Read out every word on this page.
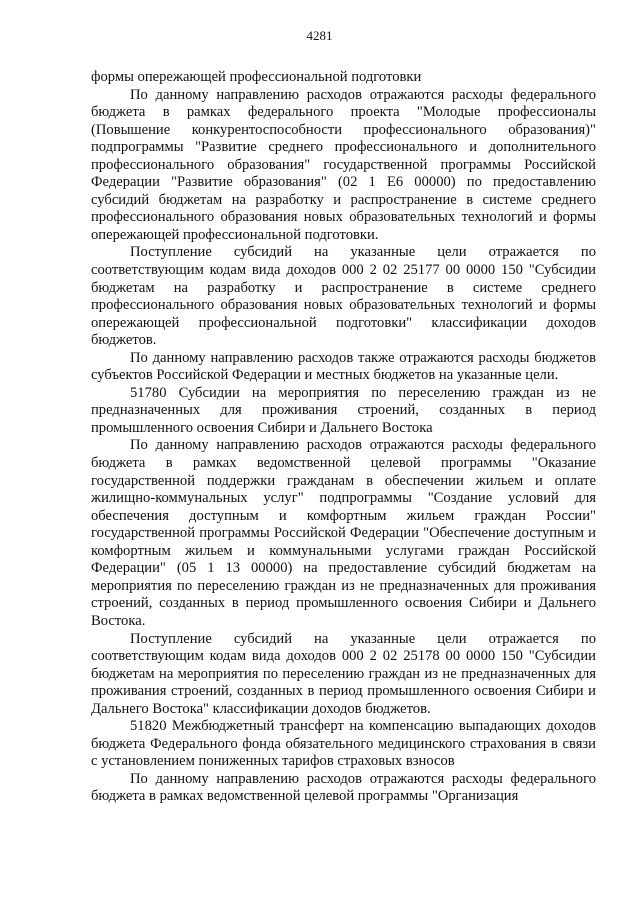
4281

формы опережающей профессиональной подготовки

По данному направлению расходов отражаются расходы федерального бюджета в рамках федерального проекта "Молодые профессионалы (Повышение конкурентоспособности профессионального образования)" подпрограммы "Развитие среднего профессионального и дополнительного профессионального образования" государственной программы Российской Федерации "Развитие образования" (02 1 Е6 00000) по предоставлению субсидий бюджетам на разработку и распространение в системе среднего профессионального образования новых образовательных технологий и формы опережающей профессиональной подготовки.

Поступление субсидий на указанные цели отражается по соответствующим кодам вида доходов 000 2 02 25177 00 0000 150 "Субсидии бюджетам на разработку и распространение в системе среднего профессионального образования новых образовательных технологий и формы опережающей профессиональной подготовки" классификации доходов бюджетов.

По данному направлению расходов также отражаются расходы бюджетов субъектов Российской Федерации и местных бюджетов на указанные цели.

51780 Субсидии на мероприятия по переселению граждан из не предназначенных для проживания строений, созданных в период промышленного освоения Сибири и Дальнего Востока

По данному направлению расходов отражаются расходы федерального бюджета в рамках ведомственной целевой программы "Оказание государственной поддержки гражданам в обеспечении жильем и оплате жилищно-коммунальных услуг" подпрограммы "Создание условий для обеспечения доступным и комфортным жильем граждан России" государственной программы Российской Федерации "Обеспечение доступным и комфортным жильем и коммунальными услугами граждан Российской Федерации" (05 1 13 00000) на предоставление субсидий бюджетам на мероприятия по переселению граждан из не предназначенных для проживания строений, созданных в период промышленного освоения Сибири и Дальнего Востока.

Поступление субсидий на указанные цели отражается по соответствующим кодам вида доходов 000 2 02 25178 00 0000 150 "Субсидии бюджетам на мероприятия по переселению граждан из не предназначенных для проживания строений, созданных в период промышленного освоения Сибири и Дальнего Востока" классификации доходов бюджетов.

51820 Межбюджетный трансферт на компенсацию выпадающих доходов бюджета Федерального фонда обязательного медицинского страхования в связи с установлением пониженных тарифов страховых взносов

По данному направлению расходов отражаются расходы федерального бюджета в рамках ведомственной целевой программы "Организация
